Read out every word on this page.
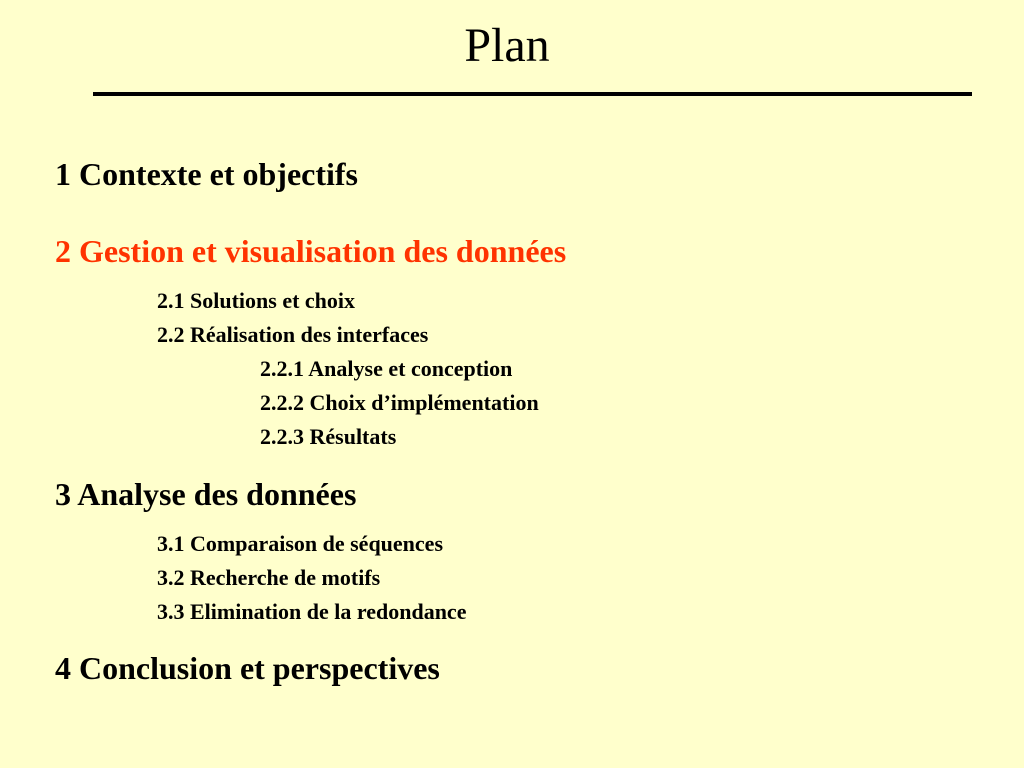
Plan
1 Contexte et objectifs
2 Gestion et visualisation des données
2.1 Solutions et choix
2.2 Réalisation des interfaces
2.2.1 Analyse et conception
2.2.2 Choix d’implémentation
2.2.3 Résultats
3 Analyse des données
3.1 Comparaison de séquences
3.2 Recherche de motifs
3.3 Elimination de la redondance
4 Conclusion et perspectives
